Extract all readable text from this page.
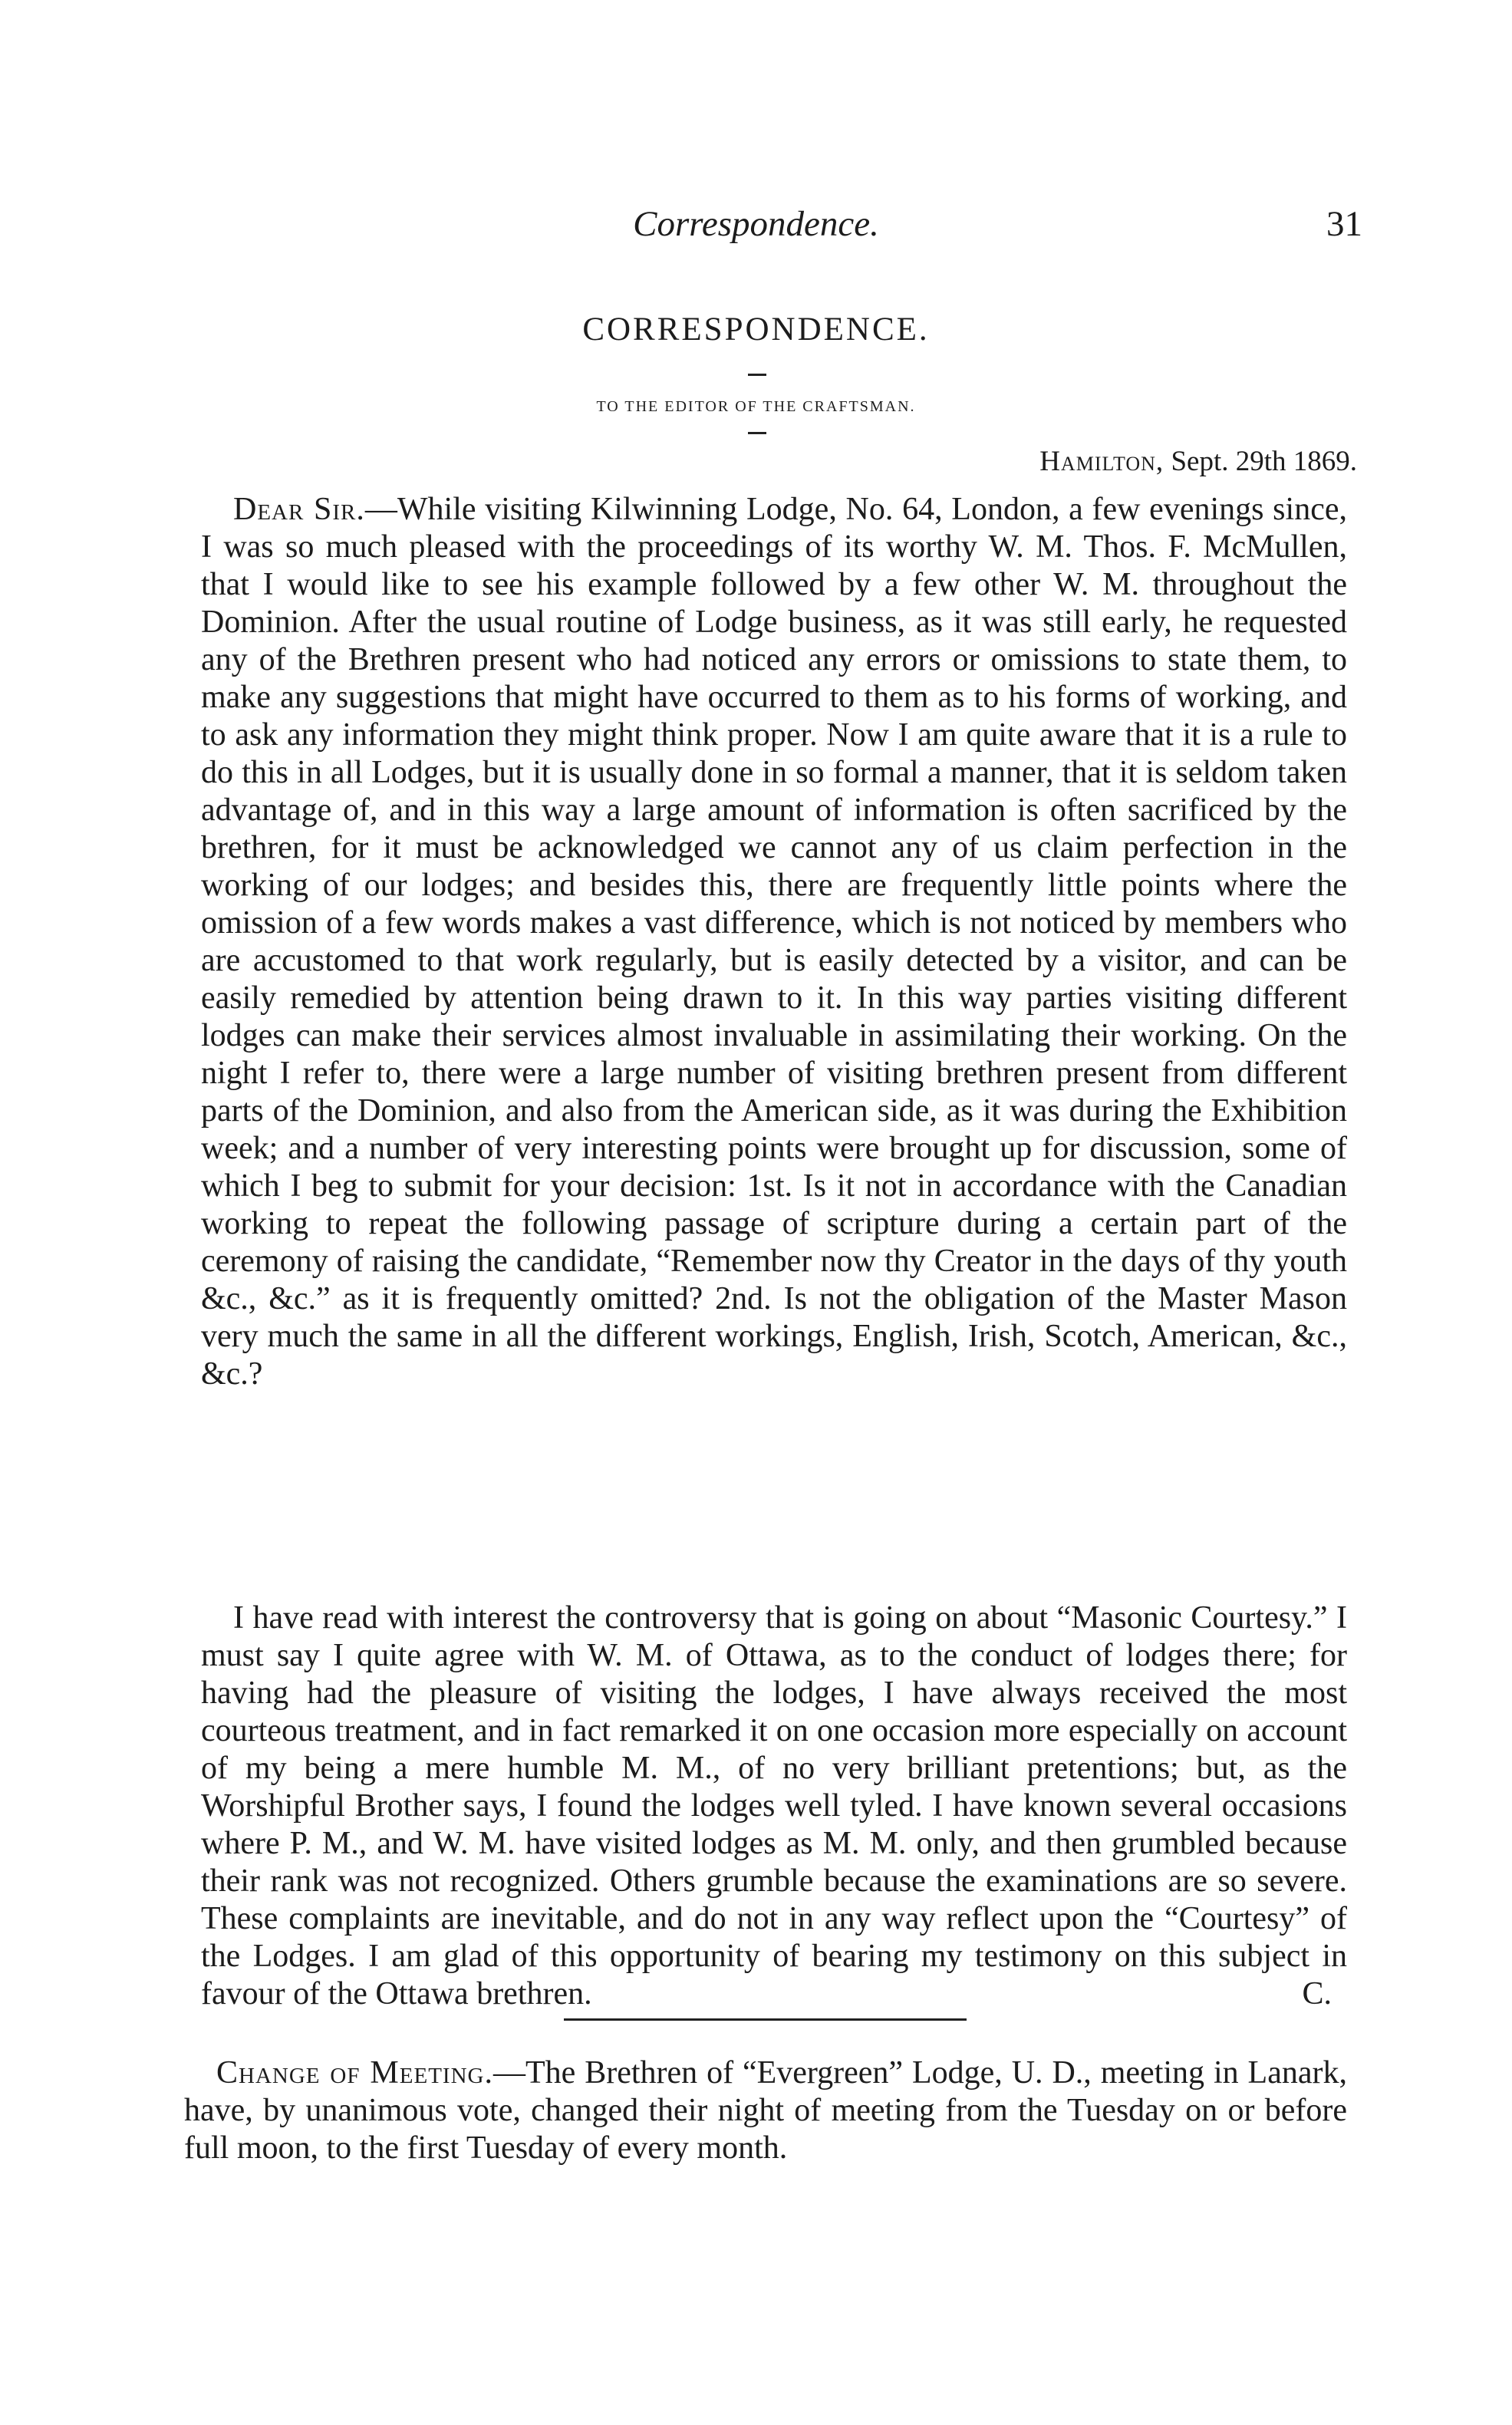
Correspondence.	31
CORRESPONDENCE.
TO THE EDITOR OF THE CRAFTSMAN.
Hamilton, Sept. 29th 1869.

Dear Sir.—While visiting Kilwinning Lodge, No. 64, London, a few evenings since, I was so much pleased with the proceedings of its worthy W. M. Thos. F. McMullen, that I would like to see his example followed by a few other W. M. throughout the Dominion. After the usual routine of Lodge business, as it was still early, he requested any of the Brethren present who had noticed any errors or omissions to state them, to make any suggestions that might have occurred to them as to his forms of working, and to ask any information they might think proper. Now I am quite aware that it is a rule to do this in all Lodges, but it is usually done in so formal a manner, that it is seldom taken advantage of, and in this way a large amount of information is often sacrificed by the brethren, for it must be acknowledged we cannot any of us claim perfection in the working of our lodges; and besides this, there are frequently little points where the omission of a few words makes a vast difference, which is not noticed by members who are accustomed to that work regularly, but is easily detected by a visitor, and can be easily remedied by attention being drawn to it. In this way parties visiting different lodges can make their services almost invaluable in assimilating their working. On the night I refer to, there were a large number of visiting brethren present from different parts of the Dominion, and also from the American side, as it was during the Exhibition week; and a number of very interesting points were brought up for discussion, some of which I beg to submit for your decision: 1st. Is it not in accordance with the Canadian working to repeat the following passage of scripture during a certain part of the ceremony of raising the candidate, “Remember now thy Creator in the days of thy youth &c., &c.” as it is frequently omitted? 2nd. Is not the obligation of the Master Mason very much the same in all the different workings, English, Irish, Scotch, American, &c., &c.?

I have read with interest the controversy that is going on about “Masonic Courtesy.” I must say I quite agree with W. M. of Ottawa, as to the conduct of lodges there; for having had the pleasure of visiting the lodges, I have always received the most courteous treatment, and in fact remarked it on one occasion more especially on account of my being a mere humble M. M., of no very brilliant pretentions; but, as the Worshipful Brother says, I found the lodges well tyled. I have known several occasions where P. M., and W. M. have visited lodges as M. M. only, and then grumbled because their rank was not recognized. Others grumble because the examinations are so severe. These complaints are inevitable, and do not in any way reflect upon the “Courtesy” of the Lodges. I am glad of this opportunity of bearing my testimony on this subject in favour of the Ottawa brethren.	C.

Change of Meeting.—The Brethren of “Evergreen” Lodge, U. D., meeting in Lanark, have, by unanimous vote, changed their night of meeting from the Tuesday on or before full moon, to the first Tuesday of every month.
